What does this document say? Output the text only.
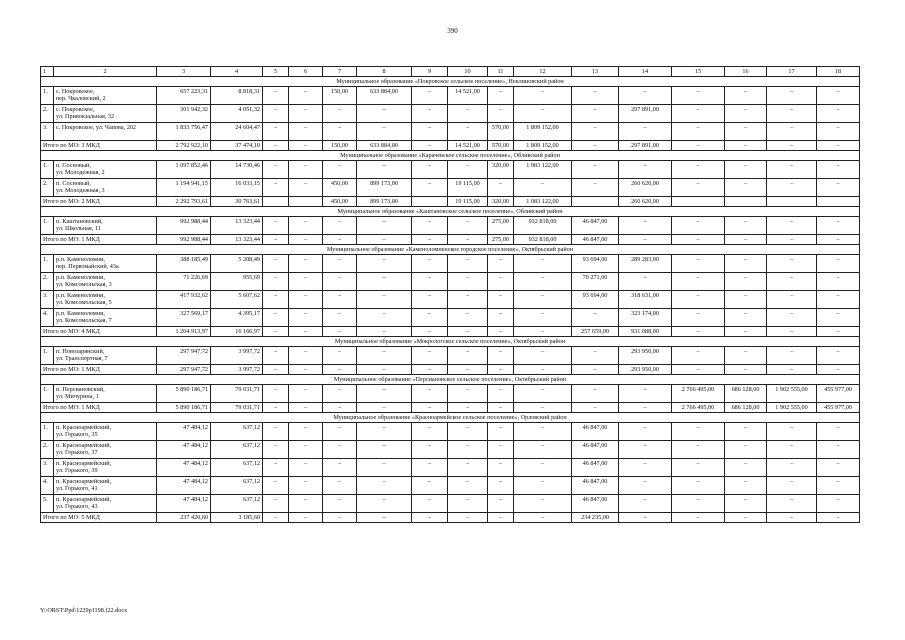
390
1	2	3	4	5	6	7	8	9	10	11	12	13	14	15	16	17	18
Муниципальное образование «Покровское сельское поселение», Неклиновский район																	
1.	с. Покровское,
пер. Чкаловский, 2	657 223,31	8 818,31	–	–	150,00	633 884,00	–	14 521,00	–	–	–	–	–	–	–	–
2.	с. Покровское,
ул. Привокзальная, 32	301 942,32	4 051,32	–	–	–	–	–	–	–	–	–	297 891,00	–	–	–	–
3.	с. Покровское, ул. Чапова, 202	1 833 756,47	24 604,47	–	–	–	–	–	–	570,00	1 809 152,00	–	–	–	–	–	–
Итого по МО: 3 МКД		2 792 922,10	37 474,10	–	–	150,00	633 884,00	–	14 521,00	570,00	1 809 152,00	–	297 891,00	–	–	–	–
Муниципальное образование «Карачевское сельское поселение», Обливский район																	
1.	п. Сосновый,
ул. Молодежная, 2	1 097 852,46	14 730,46	–	–	–	–	–	–	320,00	1 083 122,00	–	–	–	–	–	–
2.	п. Сосновый,
ул. Молодежная, 3	1 194 941,15	16 033,15	–	–	450,00	899 173,00	–	19 115,00	–	–	–	260 620,00	–	–	–	–
Итого по МО: 2 МКД		2 292 793,61	30 763,61			450,00	899 173,00		19 115,00	320,00	1 083 122,00		260 620,00				
Муниципальное образование «Каштановское сельское поселение», Обливский район																	
1.	п. Каштановский,
ул. Школьная, 11	992 988,44	13 323,44	–	–	–	–	–	–	275,00	932 818,00	46 847,00	–	–	–	–	–
Итого по МО: 1 МКД		992 988,44	13 323,44	–	–	–	–	–	–	275,00	932 818,00	46 847,00	–	–	–	–	–
Муниципальное образование «Каменоломненское городское поселение», Октябрьский район																	
1.	р.п. Каменоломни,
пер. Первомайский, 43а	388 185,49	5 208,49	–	–	–	–	–	–	–	–	93 694,00	289 283,00	–	–	–	–
2.	р.п. Каменоломни,
ул. Комсомольская, 3	71 226,69	955,69	–	–	–	–	–	–	–	–	70 271,00	–	–	–	–	–
3.	р.п. Каменоломни,
ул. Комсомольская, 5	417 932,62	5 607,62	–	–	–	–	–	–	–	–	93 694,00	318 631,00	–	–	–	–
4.	р.п. Каменоломни,
ул. Комсомольская, 7	327 569,17	4 395,17	–	–	–	–	–	–	–	–	–	323 174,00	–	–	–	–
Итого по МО: 4 МКД		1 204 913,97	16 166,97	–	–	–	–	–	–	–	–	257 659,00	931 088,00	–	–	–	–
Муниципальное образование «Мокрологское сельское поселение», Октябрьский район																	
1.	п. Новозарянский,
ул. Транспортная, 7	297 947,72	3 997,72	–	–	–	–	–	–	–	–	–	293 950,00	–	–	–	–
Итого по МО: 1 МКД		297 947,72	3 997,72	–	–	–	–	–	–	–	–	–	293 950,00	–	–	–	–
Муниципальное образование «Персиановское сельское поселение», Октябрьский район																	
1.	п. Персиановский,
ул. Мичурина, 1	5 890 186,71	79 031,71	–	–	–	–	–	–	–	–	–	–	2 766 495,00	686 128,00	1 902 555,00	455 977,00
Итого по МО: 1 МКД		5 890 186,71	79 031,71	–	–	–	–	–	–	–	–	–	–	2 766 495,00	686 128,00	1 902 555,00	455 977,00
Муниципальное образование «Красноармейское сельское поселение», Орловский район																	
1.	п. Красноармейский,
ул. Горького, 35	47 484,12	637,12	–	–	–	–	–	–	–	–	46 847,00	–	–	–	–	–
2.	п. Красноармейский,
ул. Горького, 37	47 484,12	637,12	–	–	–	–	–	–	–	–	46 847,00	–	–	–	–	–
3.	п. Красноармейский,
ул. Горького, 39	47 484,12	637,12	–	–	–	–	–	–	–	–	46 847,00	–	–	–	–	–
4.	п. Красноармейский,
ул. Горького, 41	47 484,12	637,12	–	–	–	–	–	–	–	–	46 847,00	–	–	–	–	–
5.	п. Красноармейский,
ул. Горького, 43	47 484,12	637,12	–	–	–	–	–	–	–	–	46 847,00	–	–	–	–	–
Итого по МО: 5 МКД		237 420,60	3 185,60	–	–	–	–	–	–	–	–	234 235,00	–	–	–	–	–
Y:\ORST\Ppd\1229p1198.f22.docx
